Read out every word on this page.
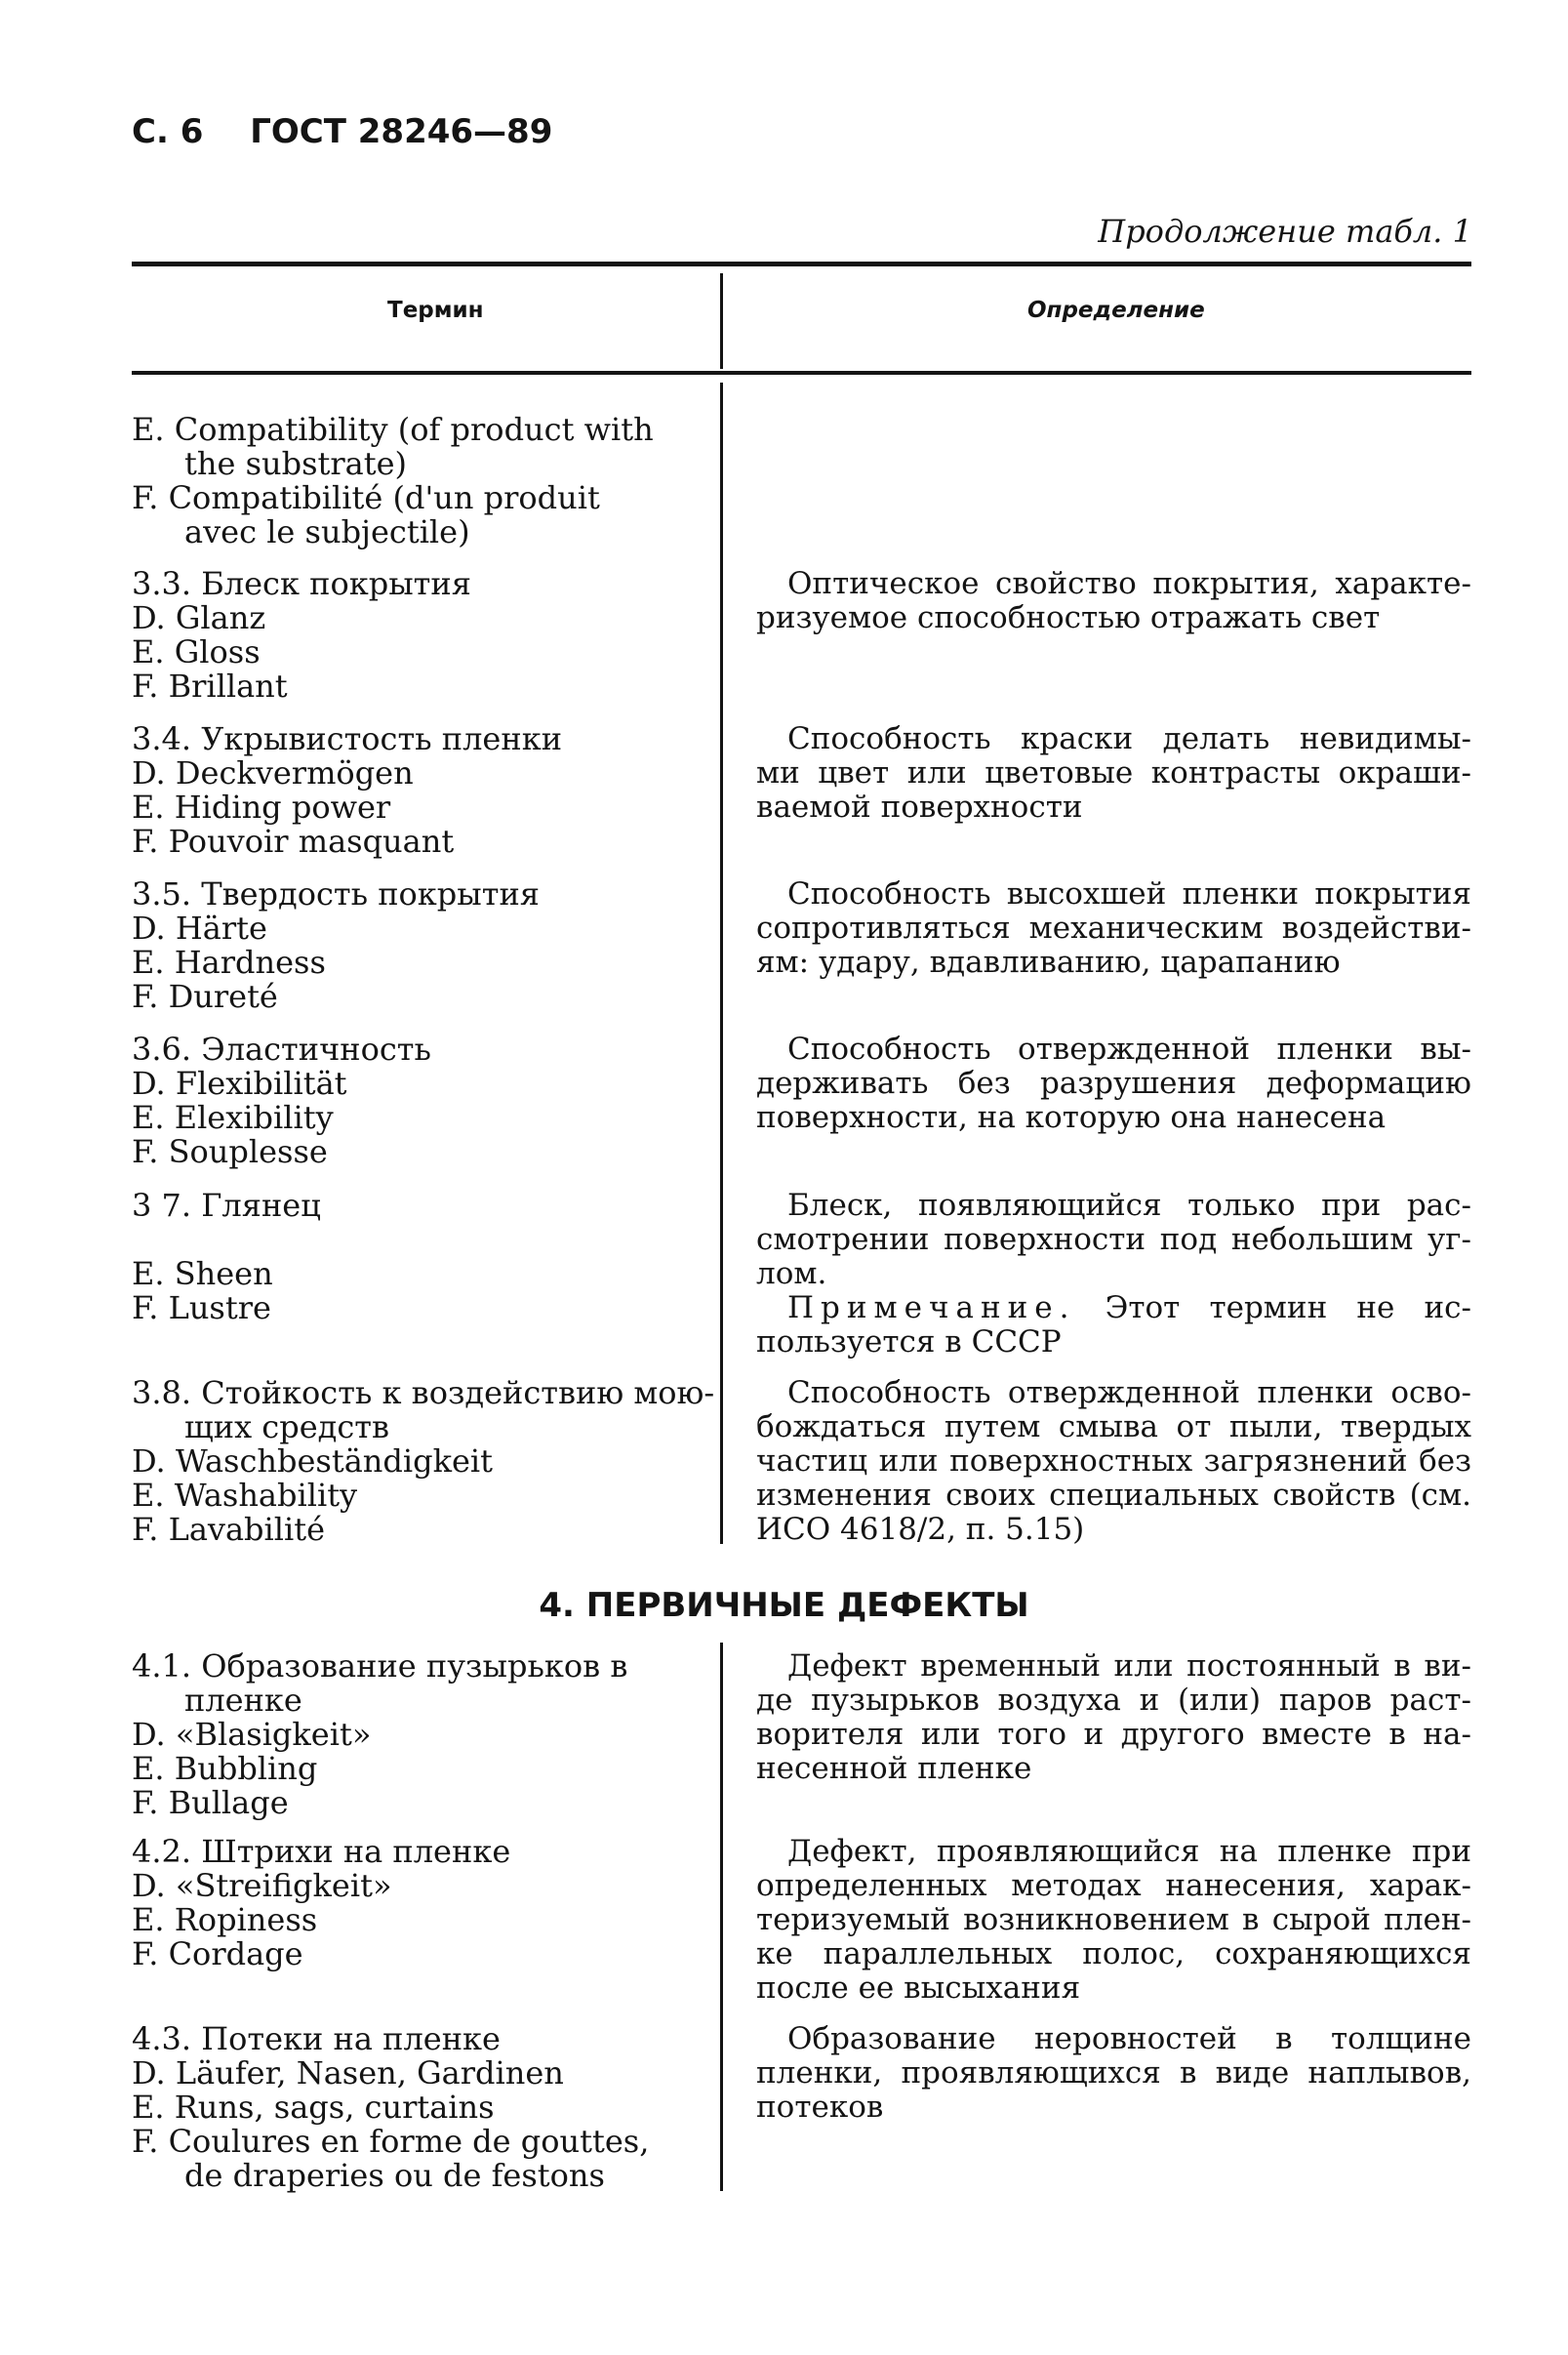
С. 6 ГОСТ 28246—89
Продолжение табл. 1
Термин	Определение
E. Compatibility (of product with
the substrate)
F. Compatibilité (d'un produit
avec le subjectile)
3.3. Блеск покрытия
D. Glanz
E. Gloss
F. Brillant
Оптическое свойство покрытия, характе-
ризуемое способностью отражать свет
3.4. Укрывистость пленки
D. Deckvermögen
E. Hiding power
F. Pouvoir masquant
Способность краски делать невидимы-
ми цвет или цветовые контрасты окраши-
ваемой поверхности
3.5. Твердость покрытия
D. Härte
E. Hardness
F. Dureté
Способность высохшей пленки покрытия
сопротивляться механическим воздействи-
ям: удару, вдавливанию, царапанию
3.6. Эластичность
D. Flexibilität
E. Elexibility
F. Souplesse
Способность отвержденной пленки вы-
держивать без разрушения деформацию
поверхности, на которую она нанесена
3 7. Глянец

E. Sheen
F. Lustre
Блеск, появляющийся только при рас-
смотрении поверхности под небольшим уг-
лом.
Примечание. Этот термин не ис-
пользуется в СССР
3.8. Стойкость к воздействию мою-
щих средств
D. Waschbeständigkeit
E. Washability
F. Lavabilité
Способность отвержденной пленки осво-
бождаться путем смыва от пыли, твердых
частиц или поверхностных загрязнений без
изменения своих специальных свойств (см.
ИСО 4618/2, п. 5.15)
4. ПЕРВИЧНЫЕ ДЕФЕКТЫ
4.1. Образование пузырьков в
пленке
D. «Blasigkeit»
E. Bubbling
F. Bullage
Дефект временный или постоянный в ви-
де пузырьков воздуха и (или) паров раст-
ворителя или того и другого вместе в на-
несенной пленке
4.2. Штрихи на пленке
D. «Streifigkeit»
E. Ropiness
F. Cordage
Дефект, проявляющийся на пленке при
определенных методах нанесения, харак-
теризуемый возникновением в сырой плен-
ке параллельных полос, сохраняющихся
после ее высыхания
4.3. Потеки на пленке
D. Läufer, Nasen, Gardinen
E. Runs, sags, curtains
F. Coulures en forme de gouttes,
de draperies ou de festons
Образование неровностей в толщине
пленки, проявляющихся в виде наплывов,
потеков
